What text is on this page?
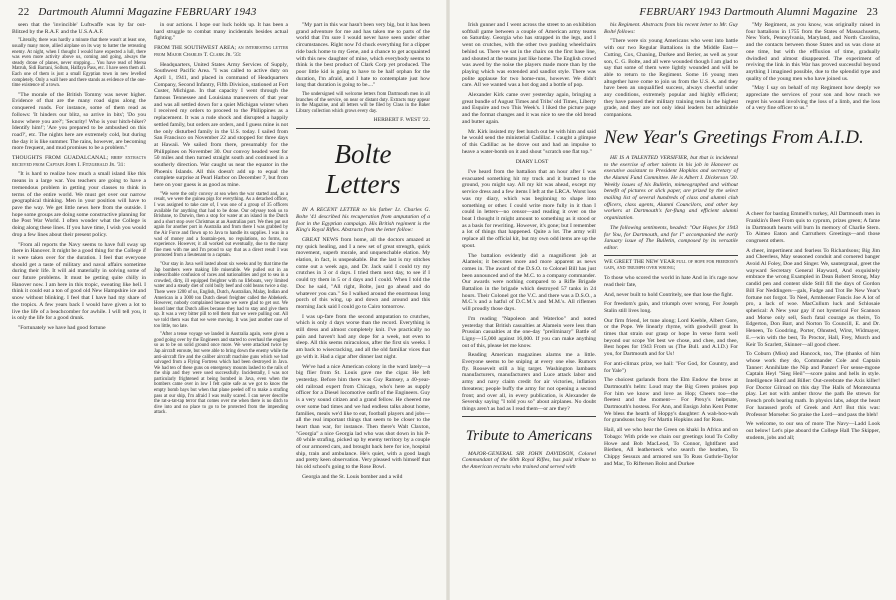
22 Dartmouth Alumni Magazine FEBRUARY 1943

seen that the 'invincible' Luftwaffe was by far out-Blitzed by the R.A.F. and the U.S.A.A.F.

"Literally, there was hardly a minute that there wasn't at least one, usually many more, allied airplane on its way to batter the retreating enemy. At night, when I thought I would have expected a lull, there was even more activity above us, coming and going, always the steady drone of planes, never stopping.... You have read of Mersa Matruh, Sidi Barrani, Sollum, Halfaya Pass, etc. I have seen them all. Each one of them is just a small Egyptian town in new levelled completely. Only a wall here and there stands as evidence of the one-time existence of a town.

"The morale of the British Tommy was never higher. Evidence of that are the many road signs along the conquered roads. For instance, some of them read as follows: 'It hinders our blitz, so arrive in bits'; 'Do you know where you are?'; 'Security! Who is your hitch-hiker? Identify him!'; 'Are you prepared to be ambushed on this road?', etc. The nights here are extremely cold, but during the day it is like summer. The rains, however, are becoming more frequent, and mud promises to be a problem."

THOUGHTS FROM GUADALCANAL; brief extracts received from Captain John I. Fitzgerald Jr. '31:

"It is hard to realize how much a small island like this means in a large war. You teachers are going to have a tremendous problem in getting your classes to think in terms of the entire world. We must get over our narrow geographical thinking. Men in your position will have to pave the way. We get little news here from the outside. I hope some groups are doing some constructive planning for the Post War World. I often wonder what the College is doing along these lines. If you have time, I wish you would drop a few lines about their present policy.

"From all reports the Navy seems to have full sway up there in Hanover. It might be a good thing for the College if it were taken over for the duration. I feel that everyone should get a taste of military and naval affairs sometime during their life. It will aid materially in solving some of our future problems. It must be getting quite chilly in Hanover now. I am here in this tropic, sweating like hell. I think it could eat a ton of good old New Hampshire ice and snow without blinking. I feel that I have had my share of the tropics. A few years back I would have given a lot to live the life of a beachcomber for awhile. I will tell you, it is only the life for a good drunk.

"Fortunately we have had good fortune

in our actions. I hope our luck holds up. It has been a hard struggle to combat many incidentals besides actual fighting."

FROM THE SOUTHWEST AREA; an interesting letter from Major Charles T. Clark Jr. '33:

Headquarters, United States Army Services of Supply, Southwest Pacific Area. "I was called to active duty on April 1, 1941, and placed in command of Headquarters Company, Second Infantry, Fifth Division, stationed at Fort Custer, Michigan. In that capacity I went through the famous Tennessee and Louisiana maneuvers of that year and was all settled down for a quiet Michigan winter when I received my orders to proceed to the Philippines as a replacement. It was a rude shock and disrupted a happily settled family, but orders are orders, and I guess mine is not the only disturbed family in the U.S. today. I sailed from San Francisco on November 22 and stopped for three days at Hawaii. We sailed from there, presumably for the Philippines on November 30. Our convoy headed west for 50 miles and then turned straight south and continued in a southerly direction. War caught us near the equator in the Phoenix Islands. All this doesn't add up to equal the complete surprise at Pearl Harbor on December 7, but from here on your guess is as good as mine.

"We were the only convoy at sea when the war started and, as a result, we were the guinea pigs for everything. As a detached officer, I was assigned to take care of, I was one of a group of 35 officers available for anything that had to be done. Our odyssey took us to Brisbane, to Darwin, then a stop for water at an island in the Dutch and a short stop over Christmas at an Australian port. We then put out again for another port in Australia and from there I was grabbed by the Air Force and flown up to Java to handle its supplies. I was in a wad of money and a fountain-pen, no regulations, no forms, no experience. However, it all worked out eventually, due to the many fine men with me and I'm proud to say that as a direct result I was promoted from a lieutenant to a captain.

"Our stay in Java well lasted about six weeks and by that time the Jap bombers were making life miserable. We pulled out in an indescribable confusion of races and nationalities and got to sea in a crowded, dirty, ill equipped freighter with no lifeboats, very limited water and a steady diet of cold bully beef and cold beans twice a day. There were 1200 of us, English, Dutch, Australian, Malay, Indian and American in a 3000 ton Dutch diesel freighter called the Abbekerk. However, nobody complained because we were glad to get out. We heard later that Dutch allies because they had to stay and give them up. It was a very bitter pill to tell them that we were pulling out. All we told them was that we were moving. It was just another case of too little, too late.

"After a tense voyage we landed in Australia again, were given a good going over by the Engineers and started to overhaul the engines so as to be on solid ground once more. We were attacked twice by Jap aircraft enroute, but were able to bring down the enemy while the anti-aircraft fire and the caliber aircraft machine guns which we had salvaged from a Flying Fortress which had been destroyed in Java. We had ten of these guns on emergency mounts lashed to the rails of the ship and they were used successfully. Incidentally, I was not particularly frightened at being bombed in Java, even when the bombers came over in low I felt quite safe as we got to know the empty bomb bays but when that plane peeled off to make a strafing pass at our ship, I'm afraid I was really scared. I can never describe the rat-a-tat-tap terror that comes over me when there is no ditch to dive into and no place to go to be protected from the impending attack.

"My part in this war hasn't been very big, but it has been grand adventure for me and has taken me to parts of the world that I'm sure I would never have seen under other circumstances. Right now I'd chuck everything for a clipper ride back home to my Gene, and a chance to get acquainted with this new daughter of mine, which everybody seems to think is the best product of Clark Corp yet produced. The poor little kid is going to have to be half orphan for the duration, I'm afraid, and I hate to contemplate just how long that duration is going to be...."

The undersigned will welcome letters from Dartmouth men in all branches of the service, on near or distant duty. Extracts may appear in the Magazine, and all letters will be filed by Class in the Baker Library collection which grows every day.

HERBERT F. WEST '22.

Bolte Letters

IN A RECENT LETTER to his father Lt. Charles G. Bolte '41 described his recuperation from amputation of a foot in the Egyptian campaign. His British regiment is the King's Royal Rifles. Abstracts from the letter follow:

GREAT NEWS from home, all the doctors amazed at my quick healing, and I a new set of great strength, quick movement, superb morale, and unquenchable elation. My elation, in fact, is unspeakable. But the last is my stitches come out a week ago, and Dr. Jack said I could try my crutches in 3 or 4 days. I tried them next day, to see if I could try them in 5 or 4 days and I could. When I told the Doc he said, "All right, Bolte, just go ahead and do whatever you can." So I walked around the enormous long porch of this wing, up and down and around and this morning Jack said I could go to Cairo tomorrow.

I was up-fare from the second amputation to crutches, which is only 4 days worse than the record. Everything is still dress and almost completely knit. I've practically no pain and haven't had any dope for a week, not even to sleep. All this seems miraculous, after the first six weeks. I am back to wisecracking, and all the old familiar vices that go with it. Had a cigar after dinner last night.

We've had a nice American colony in the ward lately—a big flier from St. Louis gave me the cigar. He left yesterday. Before him there was Guy Ramsey, a 40-year-old railroad expert from Chicago, who's here as supply officer for a Diesel locomotive outfit of the Engineers. Guy is a very sound citizen and a grand fellow. He cheered me over some bad times and we had endless talks about home, families, meals we'd like to eat, football players and jobs—all the real important things that seem to be closer to the heart than war, for instance. Then there's Walt Claxton, "Georgia" a nice Georgia lad who was shot down in his P-40 while strafing, picked up by enemy territory by a couple of our armored cars, and brought back here for ice, hospital ship, train and ambulance. He's quiet, with a good laugh and pretty keen observation. Very pleased with himself that his old school's going to the Rose Bowl.

Georgia and the St. Louis bomber and a wild

FEBRUARY 1943 Dartmouth Alumni Magazine 23

Irish gunner and I went across the street to an exhibition softball game between a couple of American army teams on Saturday. Georgia who has strapped in the legs, and I went on crutches, with the other two pushing wheelchairs behind us. There we sat in the chairs on the first base line, and shouted at the teams just like home. The English crowd was awed by the noise the players made more than by the playing which was extended and sandlot style. There was polite applause for two home-runs, however. We didn't care. All we wanted was a hot dog and a bottle of pop.

Alexander Kirk came over yesterday again, bringing a great bundle of August Times and Tribs' old Times, Liberty and Esquire and two This Week's. I liked the picture page and the format changes and it was nice to see the old bread and butter again.

Mr. Kirk insisted my feet lunch out be with him and said he would send the ministerial Cadillac. I caught a glimpse of this Cadillac as he drove out and had an impulse to heave a water-bomb on it and shout "scratch one flat top."

DIARY LOST

I've heard from the battalion that an hour after I was evacuated something hit my truck and it burned to the ground, you might say. All my kit was ahead, except my service dress and a few items I left at the LRCA. Worst loss was my diary, which was beginning to shape into something or other. I could write more fully in it than I could in letters—no censor—and reading it over on the boat I thought it might amount to something as it stood or as a basis for rewriting. However, it's gone; but I remember a lot of things that happened. Quite a lot. The army will replace all the official kit, but my own odd items are up the spout.

The battalion evidently did a magnificent job at Alamein; it becomes more and more apparent as news comes in. The award of the D.S.O. to Colonel Bill has just been announced and of the M.C. to a company commander. Our awards were nothing compared to a Rifle Brigade Battalion in the brigade which destroyed 57 tanks in 24 hours. Their Colonel got the V.C. and there was a D.S.O., a M.C.'s and a hatful of D.C.M.'s and M.M.'s. All riflemen will proudly those days.

I'm reading "Napoleon and Waterloo" and noted yesterday that British casualties at Alamein were less than Prussian casualties at the one-day "preliminary" Battle of Ligny—15,000 against 16,000. If you can make anything out of this, please let me know.

Reading American magazines alarms me a little. Everyone seems to be sniping at every one else. Rumors fly. Roosevelt still a big target. Washington lambasts manufacturers, manufacturers and Luce attack labor and army and navy claim credit for air victories, inflation threatens; people buffy the army for not opening a second front; and over all, in every publication, is Alexander de Seversky saying "I told you so" about airplanes. No doubt things aren't as bad as I read them—or are they?

Tribute to Americans

MAJOR-GENERAL SIR JOHN DAVIDSON, Colonel Commandant of the 60th Royal Rifles, has paid tribute to the American recruits who trained and served with

his Regiment. Abstracts from his recent letter to Mr. Guy Bolté follows:

"There were six young Americans who went into battle with our two Regular Battalions in the Middle East—Cutting, Cox, Chaning, Durkee and Berier, as well as your son, C. G. Bolte, and all were wounded though I am glad to say that some of them were lightly wounded and will be able to return to the Regiment. Some 16 young men altogether have come to join us from the U.S. A. and they have been an unqualified success, always cheerful under any conditions, extremely popular and highly efficient; they have passed their military training tests in the highest grade, and they are not only ideal leaders but admirable companions.

New Year's Greetings From A.I.D.

HE IS A TALENTED VERSIFIER, but that is incidental to the exercise of other talents in his job in Hanover as executive assistant to President Hopkins and secretary of the Alumni Fund Committee. He is Albert I. Dickerson '30. Weekly issues of his Bulletin, mimeographed and without benefit of pictures or slick paper, are prized by the select mailing list of several hundreds of class and alumni club officers, class agents, Alumni Councilors, and other key workers at Dartmouth's far-flung and efficient alumni organization.

The following sentiments, headed: "Our Hopes for 1943 for You, for Dartmouth, and for I" accompanied the early January issue of The Bulletin, composed by its versatile editor.

WE GREET THE NEW YEAR full of hope for freedom's gain, and triumph over wrong;

To those who scored the world in hate And in it's rage now read their fate,

And, never built to hold Contritely, see that lose the fight.

For freedom's gain, and triumph over wrong, For Joseph Stalin still lives long.

Our firm friend, let tune along; Lord Keeble, Albert Gore, or the Pope. We linearly rhyme, with goodwill great In times that strain our grasp or hope In verse form well beyond our scope Yet best we chose, and chee, and thee, Best hopes for 1943 From us (The Bull. and A.I.D.) For you, for Dartmouth and for Us!

For anti-climax prize, we hail: "For God, for Country, and for Yale")

The choicest garlands from the Elm Endow the brow at Dartmouth's helm: Loud may the Big Green praises pop For him we know and love as Hop; Cheers too—the fleetest and the moment— For Prexy's helpmate, Dartmouth's hostess. For Ann, and Ensign John Kent Potter We bless the hearth of Hoppy's daughter: A wah-hoo-wah for grandsons busy For Martin Hopkins and for Russ.

Hail, all we who hear the Green on khaki In Africa and on Tobago: With pride we chain our greetings loud To Colby Howe and Bob MacLeod, To Connor, Ightlfaret and Biethen, All leatherneck who search the heathen, To Chippy Sessuzs and armored son To Russ Guthrie-Taylor and Mac, To Riftersen Bolst and Durkee

"My Regiment, as you know, was originally raised in four battalions in 1755 from the States of Massachusetts, New York, Pennsylvania, Maryland, and North Carolina, and the contacts between those States and us was close at one time, but with the effluxion of time, gradually dwindled and almost disappeared. The experiment of reviving the link in this War has proved successful beyond anything I imagined possible, due to the splendid type and quality of the young men who have joined us.

"May I say on behalf of my Regiment how deeply we appreciate the services of your son and how much we regret his wound involving the loss of a limb, and the loss of a very fine officer to us."

A cheer for basting Emmell's turkey, All Dartmouth men in Franklin's Beet From quis to cyprum, prizes green; A fame in Dartmouth hearts will burn In memory of Charlie Stern. To Aimeo Eaton and Carruthers Greetings—and those congruent others.

A cheer, impertinent and fearless To Richardsons; Big Jim and Cheerless, May seasoned conduit and cornered banger Avoid Al Foley, Doe and Singer. We, sautergrasal, greet the wayward Secretary General Hayward, And exquisitely embrace the wrong Exampled in Dean Robert Strong, May candid pen and content slide Still fill the days of Gordon Bill For Neddingers—gals, Fudge and Trot Be New Year's fortune not forgot. To Neel, Armhenser Fancis Joe A lot of pro, a lack of woe. MacCullum luck and Schlosaie spherical: A New year gay if not hysterical For Scannon and Morse only sell, Such fatal courage as theirs, To Edgerton, Don Barr, and Norton To Councill, E. and Dr. Heneen, To Goodring, Porter, Ohnsted, Wirst, Widmayer, E.—win with the best, To Proctor, Hall, Frey, Murch and Keir To Scarlett, Skinner—all good cheer.

To Coburn (Miss) and Hancock, too, The (thanks of him whose work they do, Commander Cole and Captain Tanner: Annihilate the Nip and Panzer! For sense-mgone Captain Heyl "Sieg Heil"—score pains and hells in style. Intelligence Hurd and Biller: Out-cerebrate the Axis killer! For Doctor Gilroad on this day The Halls of Montezuma play. Let not with amber throw the path Be strewn for French profs bearing math. In physics labs, adopt the heart For harassed profs of Greek and Art! But this was: Professor Morsehe: So praise the Lord—and pass the bleh!

We welcome, to our sea of more The Navy—Ladd Look out below! Let's pipe aboard the College Hall The Skipper, students, jobs and all;
